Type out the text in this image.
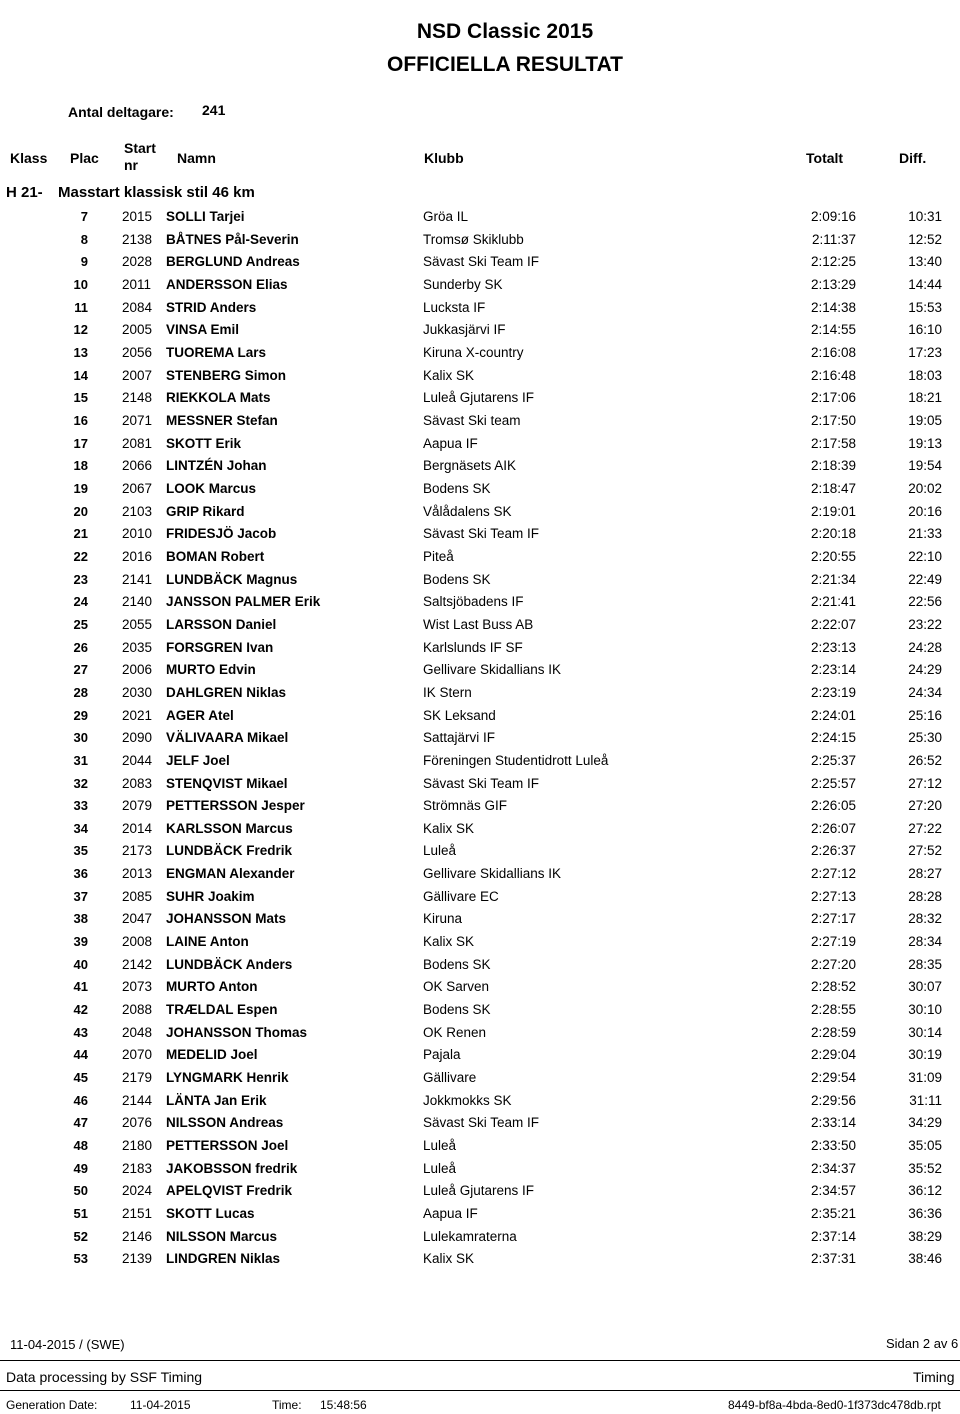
NSD Classic 2015
OFFICIELLA RESULTAT
Antal deltagare: 241
Klass Plac
Start
nr	Namn	Klubb	Totalt	Diff.
H 21- Masstart klassisk stil 46 km
7	2015 SOLLI Tarjei	Gröa IL	2:09:16	10:31
8	2138 BÅTNES Pål-Severin	Tromsø Skiklubb	2:11:37	12:52
9	2028 BERGLUND Andreas	Sävast Ski Team IF	2:12:25	13:40
10	2011 ANDERSSON Elias	Sunderby SK	2:13:29	14:44
11	2084 STRID Anders	Lucksta IF	2:14:38	15:53
12	2005 VINSA Emil	Jukkasjärvi IF	2:14:55	16:10
13	2056 TUOREMA Lars	Kiruna X-country	2:16:08	17:23
14	2007 STENBERG Simon	Kalix SK	2:16:48	18:03
15	2148 RIEKKOLA Mats	Luleå Gjutarens IF	2:17:06	18:21
16	2071 MESSNER Stefan	Sävast Ski team	2:17:50	19:05
17	2081 SKOTT Erik	Aapua IF	2:17:58	19:13
18	2066 LINTZÉN Johan	Bergnäsets AIK	2:18:39	19:54
19	2067 LOOK Marcus	Bodens SK	2:18:47	20:02
20	2103 GRIP Rikard	Vålådalens SK	2:19:01	20:16
21	2010 FRIDESJÖ Jacob	Sävast Ski Team IF	2:20:18	21:33
22	2016 BOMAN Robert	Piteå	2:20:55	22:10
23	2141 LUNDBÄCK Magnus	Bodens SK	2:21:34	22:49
24	2140 JANSSON PALMER Erik	Saltsjöbadens IF	2:21:41	22:56
25	2055 LARSSON Daniel	Wist Last Buss AB	2:22:07	23:22
26	2035 FORSGREN Ivan	Karlslunds IF SF	2:23:13	24:28
27	2006 MURTO Edvin	Gellivare Skidallians IK	2:23:14	24:29
28	2030 DAHLGREN Niklas	IK Stern	2:23:19	24:34
29	2021 AGER Atel	SK Leksand	2:24:01	25:16
30	2090 VÄLIVAARA Mikael	Sattajärvi IF	2:24:15	25:30
31	2044 JELF Joel	Föreningen Studentidrott Luleå	2:25:37	26:52
32	2083 STENQVIST Mikael	Sävast Ski Team IF	2:25:57	27:12
33	2079 PETTERSSON Jesper	Strömnäs GIF	2:26:05	27:20
34	2014 KARLSSON Marcus	Kalix SK	2:26:07	27:22
35	2173 LUNDBÄCK Fredrik	Luleå	2:26:37	27:52
36	2013 ENGMAN Alexander	Gellivare Skidallians IK	2:27:12	28:27
37	2085 SUHR Joakim	Gällivare EC	2:27:13	28:28
38	2047 JOHANSSON Mats	Kiruna	2:27:17	28:32
39	2008 LAINE Anton	Kalix SK	2:27:19	28:34
40	2142 LUNDBÄCK Anders	Bodens SK	2:27:20	28:35
41	2073 MURTO Anton	OK Sarven	2:28:52	30:07
42	2088 TRÆLDAL Espen	Bodens SK	2:28:55	30:10
43	2048 JOHANSSON Thomas	OK Renen	2:28:59	30:14
44	2070 MEDELID Joel	Pajala	2:29:04	30:19
45	2179 LYNGMARK Henrik	Gällivare	2:29:54	31:09
46	2144 LÄNTA Jan Erik	Jokkmokks SK	2:29:56	31:11
47	2076 NILSSON Andreas	Sävast Ski Team IF	2:33:14	34:29
48	2180 PETTERSSON Joel	Luleå	2:33:50	35:05
49	2183 JAKOBSSON fredrik	Luleå	2:34:37	35:52
50	2024 APELQVIST Fredrik	Luleå Gjutarens IF	2:34:57	36:12
51	2151 SKOTT Lucas	Aapua IF	2:35:21	36:36
52	2146 NILSSON Marcus	Lulekamraterna	2:37:14	38:29
53	2139 LINDGREN Niklas	Kalix SK	2:37:31	38:46
11-04-2015 / (SWE)	Sidan 2 av 6
Data processing by SSF Timing	Timing
Generation Date:	11-04-2015	Time: 15:48:56	8449-bf8a-4bda-8ed0-1f373dc478db.rpt
